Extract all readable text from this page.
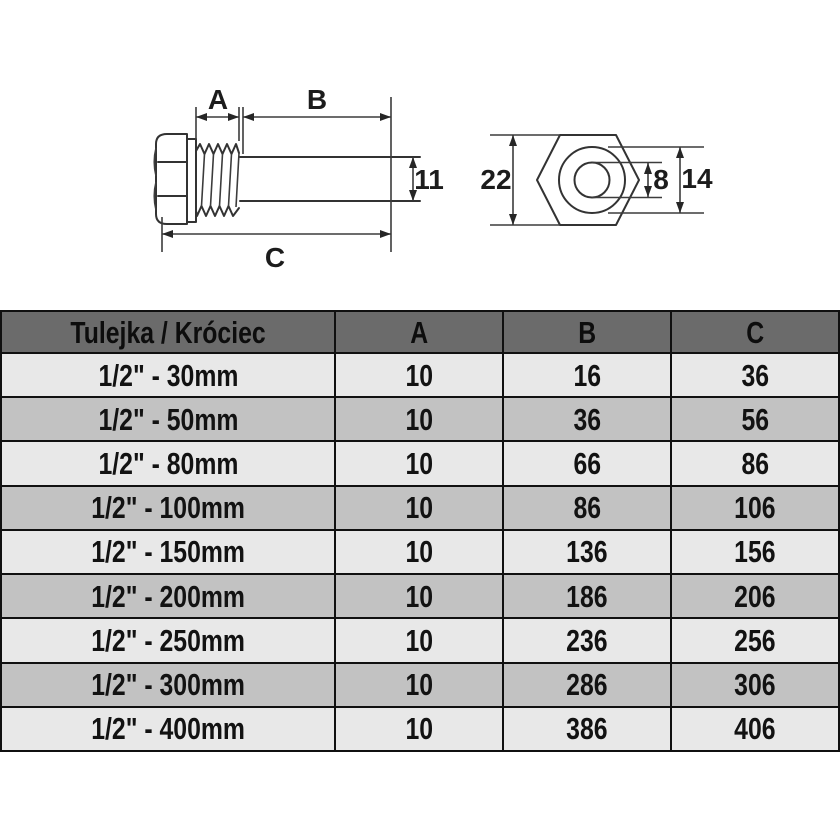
A	B
11
C
22	8 14
Tulejka / Króciec	A	B	C
1/2" - 30mm	10	16	36
1/2" - 50mm	10	36	56
1/2" - 80mm	10	66	86
1/2" - 100mm	10	86	106
1/2" - 150mm	10	136	156
1/2" - 200mm	10	186	206
1/2" - 250mm	10	236	256
1/2" - 300mm	10	286	306
1/2" - 400mm	10	386	406
